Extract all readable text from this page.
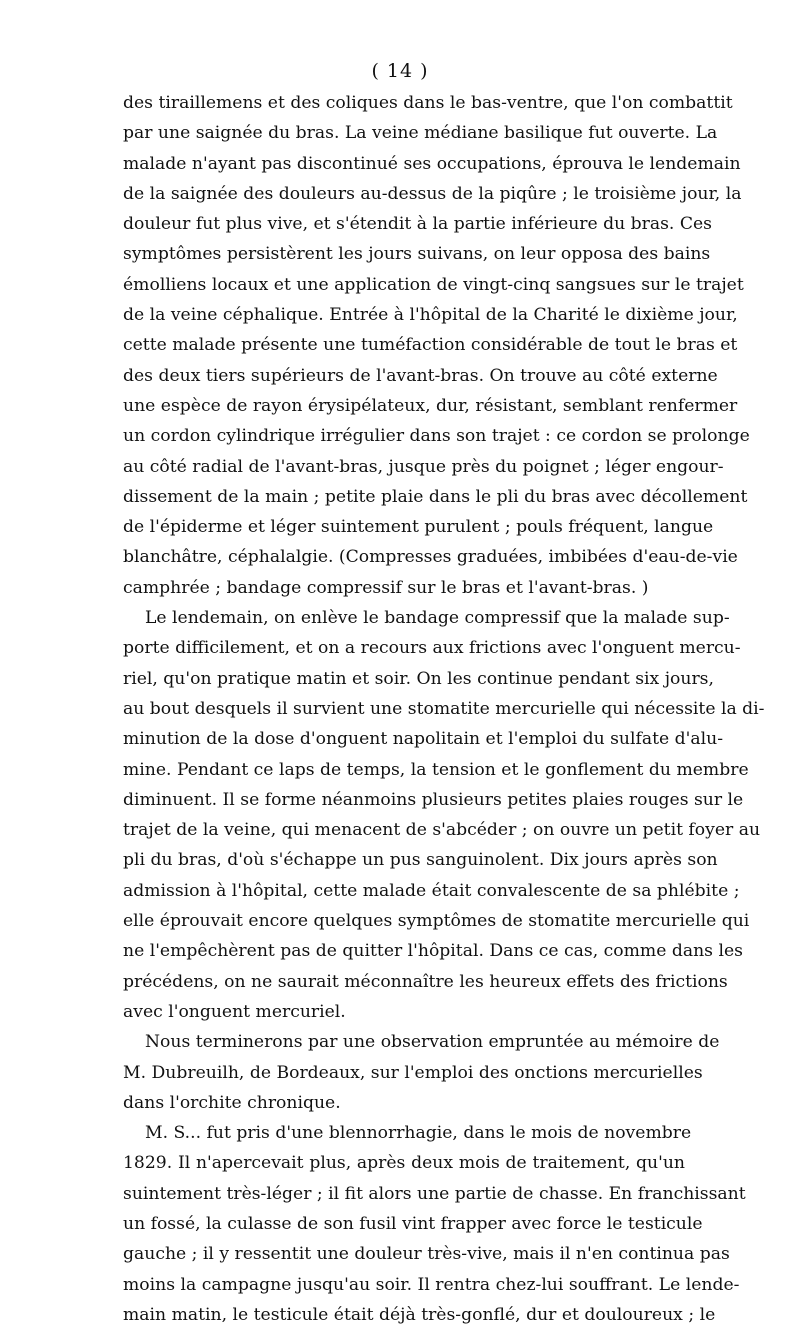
( 14 )
des tiraillemens et des coliques dans le bas-ventre, que l'on combattit
par une saignée du bras. La veine médiane basilique fut ouverte. La
malade n'ayant pas discontinué ses occupations, éprouva le lendemain
de la saignée des douleurs au-dessus de la piqûre ; le troisième jour, la
douleur fut plus vive, et s'étendit à la partie inférieure du bras. Ces
symptômes persistèrent les jours suivans, on leur opposa des bains
émolliens locaux et une application de vingt-cinq sangsues sur le trajet
de la veine céphalique. Entrée à l'hôpital de la Charité le dixième jour,
cette malade présente une tuméfaction considérable de tout le bras et
des deux tiers supérieurs de l'avant-bras. On trouve au côté externe
une espèce de rayon érysipélateux, dur, résistant, semblant renfermer
un cordon cylindrique irrégulier dans son trajet : ce cordon se prolonge
au côté radial de l'avant-bras, jusque près du poignet ; léger engour-
dissement de la main ; petite plaie dans le pli du bras avec décollement
de l'épiderme et léger suintement purulent ; pouls fréquent, langue
blanchâtre, céphalalgie. (Compresses graduées, imbibées d'eau-de-vie
camphrée ; bandage compressif sur le bras et l'avant-bras. )
Le lendemain, on enlève le bandage compressif que la malade sup-
porte difficilement, et on a recours aux frictions avec l'onguent mercu-
riel, qu'on pratique matin et soir. On les continue pendant six jours,
au bout desquels il survient une stomatite mercurielle qui nécessite la di-
minution de la dose d'onguent napolitain et l'emploi du sulfate d'alu-
mine. Pendant ce laps de temps, la tension et le gonflement du membre
diminuent. Il se forme néanmoins plusieurs petites plaies rouges sur le
trajet de la veine, qui menacent de s'abcéder ; on ouvre un petit foyer au
pli du bras, d'où s'échappe un pus sanguinolent. Dix jours après son
admission à l'hôpital, cette malade était convalescente de sa phlébite ;
elle éprouvait encore quelques symptômes de stomatite mercurielle qui
ne l'empêchèrent pas de quitter l'hôpital. Dans ce cas, comme dans les
précédens, on ne saurait méconnaître les heureux effets des frictions
avec l'onguent mercuriel.
Nous terminerons par une observation empruntée au mémoire de
M. Dubreuilh, de Bordeaux, sur l'emploi des onctions mercurielles
dans l'orchite chronique.
M. S... fut pris d'une blennorrhagie, dans le mois de novembre
1829. Il n'apercevait plus, après deux mois de traitement, qu'un
suintement très-léger ; il fit alors une partie de chasse. En franchissant
un fossé, la culasse de son fusil vint frapper avec force le testicule
gauche ; il y ressentit une douleur très-vive, mais il n'en continua pas
moins la campagne jusqu'au soir. Il rentra chez-lui souffrant. Le lende-
main matin, le testicule était déjà très-gonflé, dur et douloureux ; le
